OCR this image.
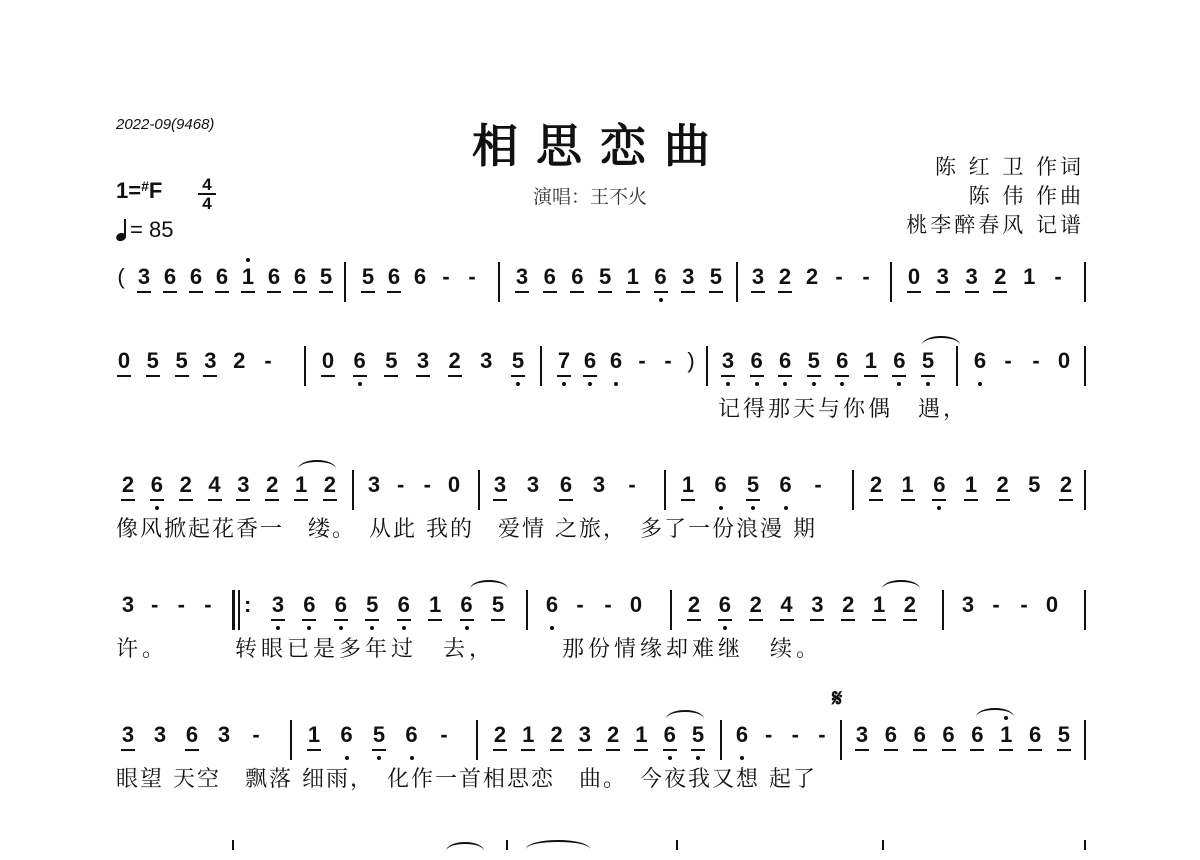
2022-09(9468)	相思恋曲
演唱：王不火
陈 红 卫 作词
陈 伟 作曲
桃李醉春风 记谱
$1=^{\#}F \frac{4}{4}$
= 85
( 3 6 6 6 1 6 6 5 5 6 6 - - 3 6 6 5 1 6 3 5 3 2 2 - - 0 3 3 2 1 -
0 5 5 3 2 - 0 6 5 3 2 3 5 7 6 6 - - ) 3 6 6 5 6 1 6 5 6 - - 0
记得那天与你偶　遇，
2 6 2 4 3 2 1 2 3 - - 0 3 3 6 3 - 1 6 5 6 - 2 1 6 1 2 5 2
像风掀起花香一　缕。　从此 我的　爱情 之旅，　多了一份浪漫 期
3 - - - : 3 6 6 5 6 1 6 5 6 - - 0 2 6 2 4 3 2 1 2 3 - - 0
许。　　　转眼已是多年过　去，　　　那份情缘却难继　续。
𝄋
3 3 6 3 - 1 6 5 6 - 2 1 2 3 2 1 6 5 6 - - - 3 6 6 6 6 1 6 5
眼望 天空　飘落 细雨，　化作一首相思恋　曲。　今夜我又想 起了
